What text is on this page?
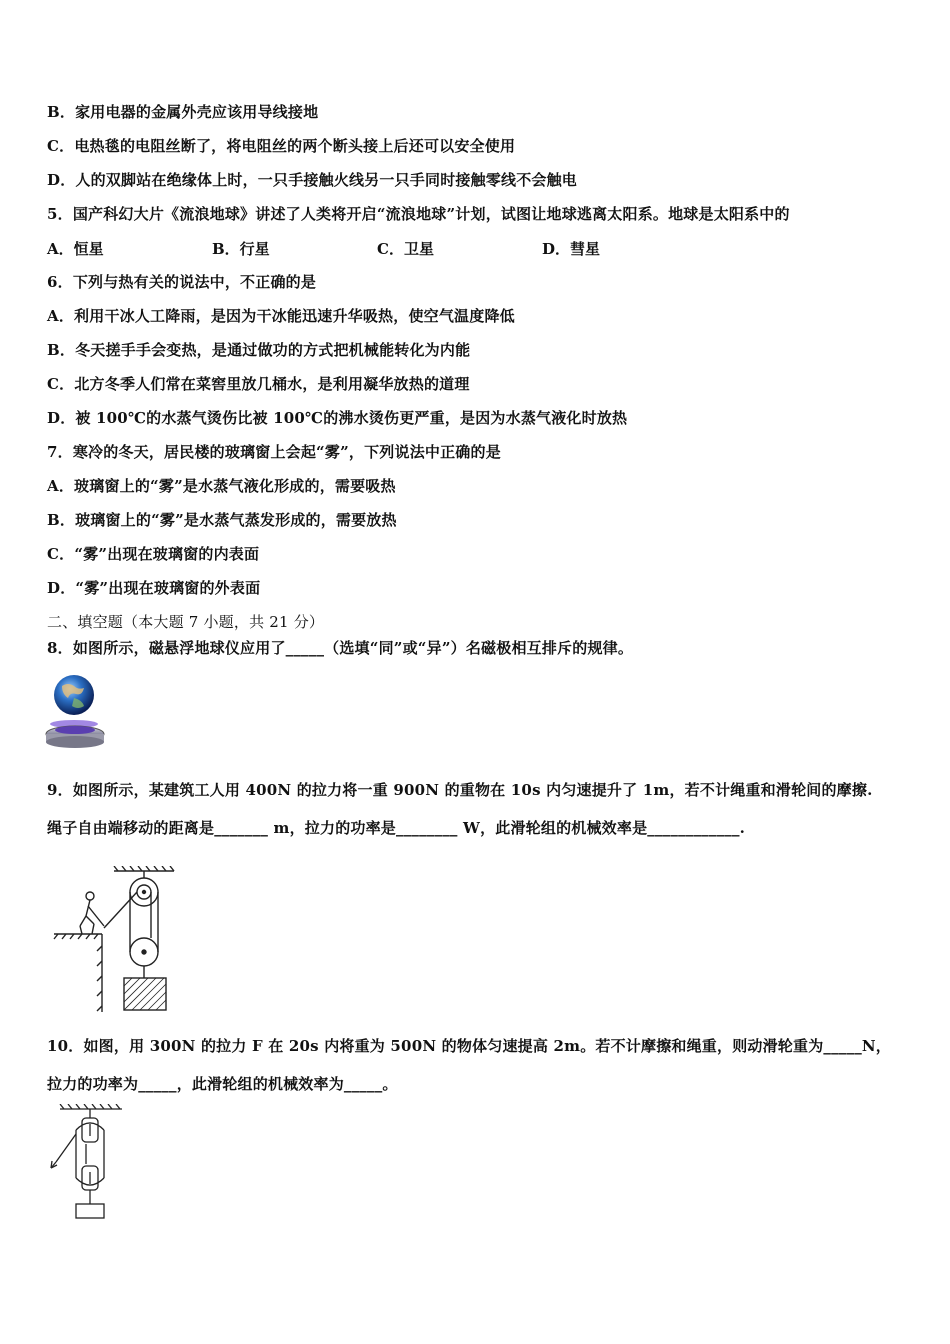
B．家用电器的金属外壳应该用导线接地
C．电热毯的电阻丝断了，将电阻丝的两个断头接上后还可以安全使用
D．人的双脚站在绝缘体上时，一只手接触火线另一只手同时接触零线不会触电
5．国产科幻大片《流浪地球》讲述了人类将开启“流浪地球”计划，试图让地球逃离太阳系。地球是太阳系中的
A．恒星	B．行星	C．卫星	D．彗星
6．下列与热有关的说法中，不正确的是
A．利用干冰人工降雨，是因为干冰能迅速升华吸热，使空气温度降低
B．冬天搓手手会变热，是通过做功的方式把机械能转化为内能
C．北方冬季人们常在菜窖里放几桶水，是利用凝华放热的道理
D．被 100℃的水蒸气烫伤比被 100℃的沸水烫伤更严重，是因为水蒸气液化时放热
7．寒冷的冬天，居民楼的玻璃窗上会起“雾”，下列说法中正确的是
A．玻璃窗上的“雾”是水蒸气液化形成的，需要吸热
B．玻璃窗上的“雾”是水蒸气蒸发形成的，需要放热
C．“雾”出现在玻璃窗的内表面
D．“雾”出现在玻璃窗的外表面
二、填空题（本大题 7 小题，共 21 分）
8．如图所示，磁悬浮地球仪应用了_____（选填“同”或“异”）名磁极相互排斥的规律。
9．如图所示，某建筑工人用 400N 的拉力将一重 900N 的重物在 10s 内匀速提升了 1m，若不计绳重和滑轮间的摩擦.
绳子自由端移动的距离是_______ m，拉力的功率是________ W，此滑轮组的机械效率是____________.
10．如图，用 300N 的拉力 F 在 20s 内将重为 500N 的物体匀速提高 2m。若不计摩擦和绳重，则动滑轮重为_____N，
拉力的功率为_____，此滑轮组的机械效率为_____。
